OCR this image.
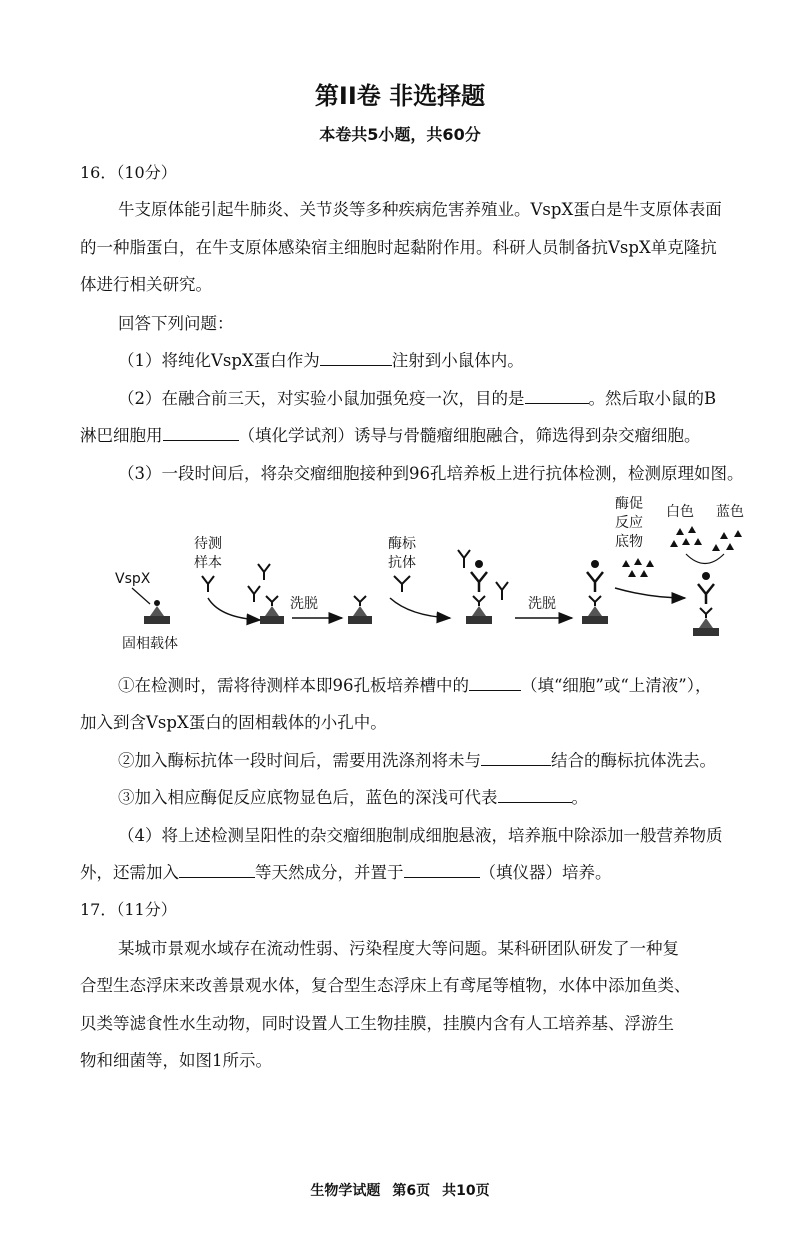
第II卷 非选择题
本卷共5小题，共60分
16．（10分）
牛支原体能引起牛肺炎、关节炎等多种疾病危害养殖业。VspX蛋白是牛支原体表面
的一种脂蛋白，在牛支原体感染宿主细胞时起黏附作用。科研人员制备抗VspX单克隆抗
体进行相关研究。
回答下列问题：
（1）将纯化VspX蛋白作为	注射到小鼠体内。
（2）在融合前三天，对实验小鼠加强免疫一次，目的是	。然后取小鼠的B
淋巴细胞用	（填化学试剂）诱导与骨髓瘤细胞融合，筛选得到杂交瘤细胞。
（3）一段时间后，将杂交瘤细胞接种到96孔培养板上进行抗体检测，检测原理如图。
VspX
待测
样本
洗脱
酶标
抗体
洗脱
酶促
反应
底物
白色 蓝色
固相载体
①在检测时，需将待测样本即96孔板培养槽中的	（填“细胞”或“上清液”），
加入到含VspX蛋白的固相载体的小孔中。
②加入酶标抗体一段时间后，需要用洗涤剂将未与	结合的酶标抗体洗去。
③加入相应酶促反应底物显色后，蓝色的深浅可代表	。
（4）将上述检测呈阳性的杂交瘤细胞制成细胞悬液，培养瓶中除添加一般营养物质
外，还需加入	等天然成分，并置于	（填仪器）培养。
17．（11分）
某城市景观水域存在流动性弱、污染程度大等问题。某科研团队研发了一种复
合型生态浮床来改善景观水体，复合型生态浮床上有鸢尾等植物，水体中添加鱼类、
贝类等滤食性水生动物，同时设置人工生物挂膜，挂膜内含有人工培养基、浮游生
物和细菌等，如图1所示。
生物学试题 第6页 共10页
